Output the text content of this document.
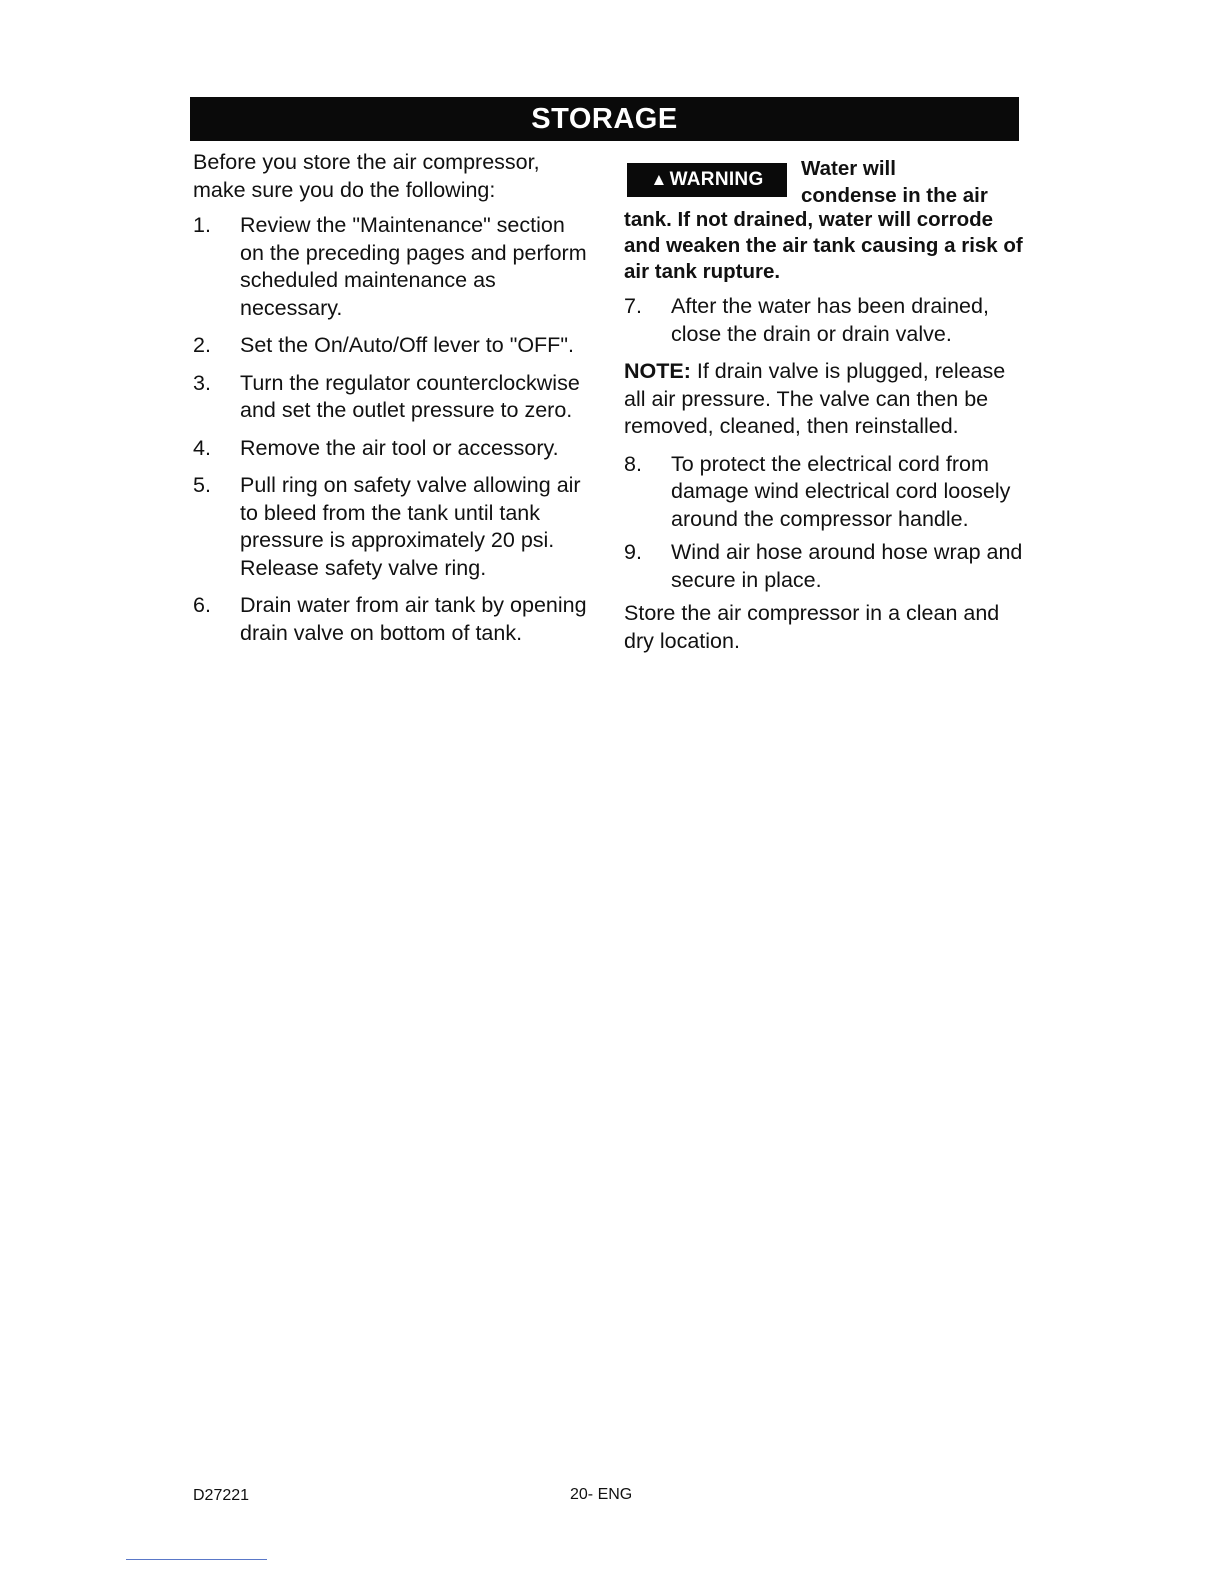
STORAGE

Before you store the air compressor, make sure you do the following:

1.	Review the "Maintenance" section on the preceding pages and perform scheduled maintenance as necessary.
2.	Set the On/Auto/Off lever to "OFF".
3.	Turn the regulator counterclockwise and set the outlet pressure to zero.
4.	Remove the air tool or accessory.
5.	Pull ring on safety valve allowing air to bleed from the tank until tank pressure is approximately 20 psi. Release safety valve ring.
6.	Drain water from air tank by opening drain valve on bottom of tank.
▲ WARNING Water will
condense in the air

tank. If not drained, water will corrode and weaken the air tank causing a risk of air tank rupture.

7.	After the water has been drained, close the drain or drain valve.

NOTE: If drain valve is plugged, release all air pressure. The valve can then be removed, cleaned, then reinstalled.

8.	To protect the electrical cord from damage wind electrical cord loosely around the compressor handle.
9.	Wind air hose around hose wrap and secure in place.

Store the air compressor in a clean and dry location.

D27221	20- ENG
